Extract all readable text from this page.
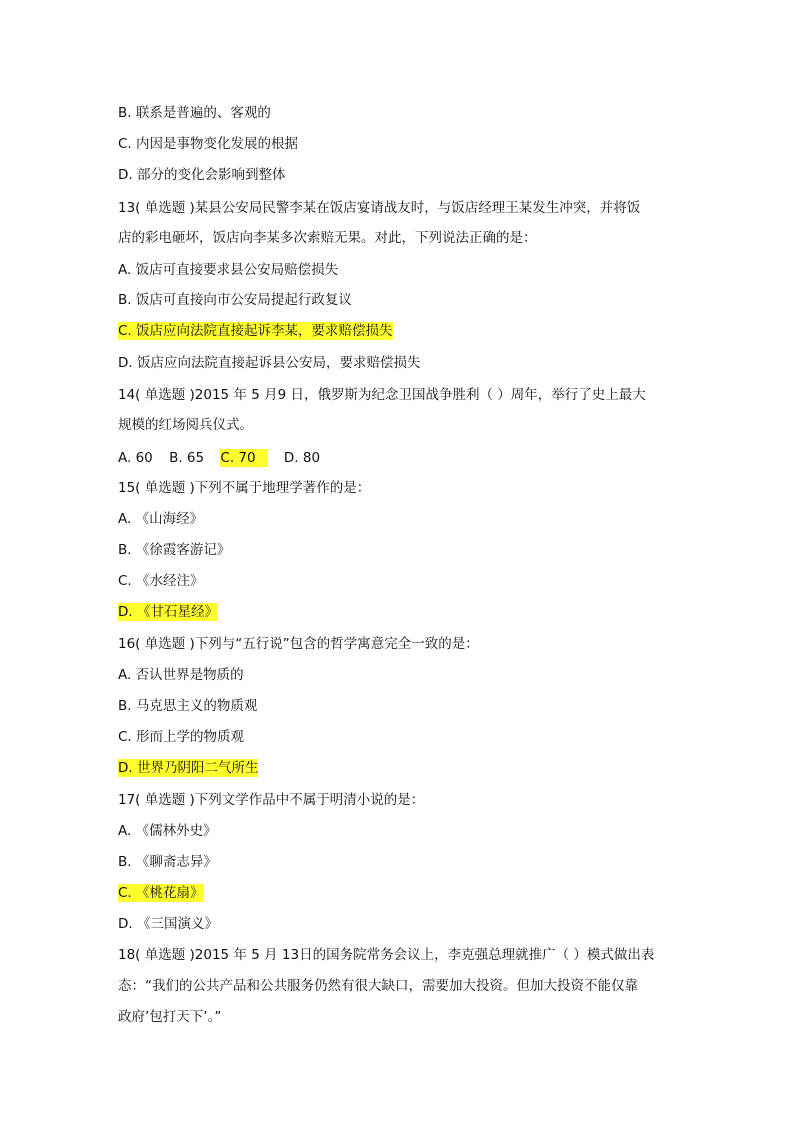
B. 联系是普遍的、客观的
C. 内因是事物变化发展的根据
D. 部分的变化会影响到整体
13( 单选题 )某县公安局民警李某在饭店宴请战友时，与饭店经理王某发生冲突，并将饭
店的彩电砸坏，饭店向李某多次索赔无果。对此，下列说法正确的是：
A. 饭店可直接要求县公安局赔偿损失
B. 饭店可直接向市公安局提起行政复议
C. 饭店应向法院直接起诉李某，要求赔偿损失
D. 饭店应向法院直接起诉县公安局，要求赔偿损失
14( 单选题 )2015 年 5 月9 日，俄罗斯为纪念卫国战争胜利（ ）周年，举行了史上最大
规模的红场阅兵仪式。
A. 60 B. 65 C. 70 D. 80
15( 单选题 )下列不属于地理学著作的是：
A. 《山海经》
B. 《徐霞客游记》
C. 《水经注》
D. 《甘石星经》
16( 单选题 )下列与“五行说”包含的哲学寓意完全一致的是：
A. 否认世界是物质的
B. 马克思主义的物质观
C. 形而上学的物质观
D. 世界乃阴阳二气所生
17( 单选题 )下列文学作品中不属于明清小说的是：
A. 《儒林外史》
B. 《聊斋志异》
C. 《桃花扇》
D. 《三国演义》
18( 单选题 )2015 年 5 月 13日的国务院常务会议上，李克强总理就推广（ ）模式做出表
态：“我们的公共产品和公共服务仍然有很大缺口，需要加大投资。但加大投资不能仅靠
政府’包打天下’。”
